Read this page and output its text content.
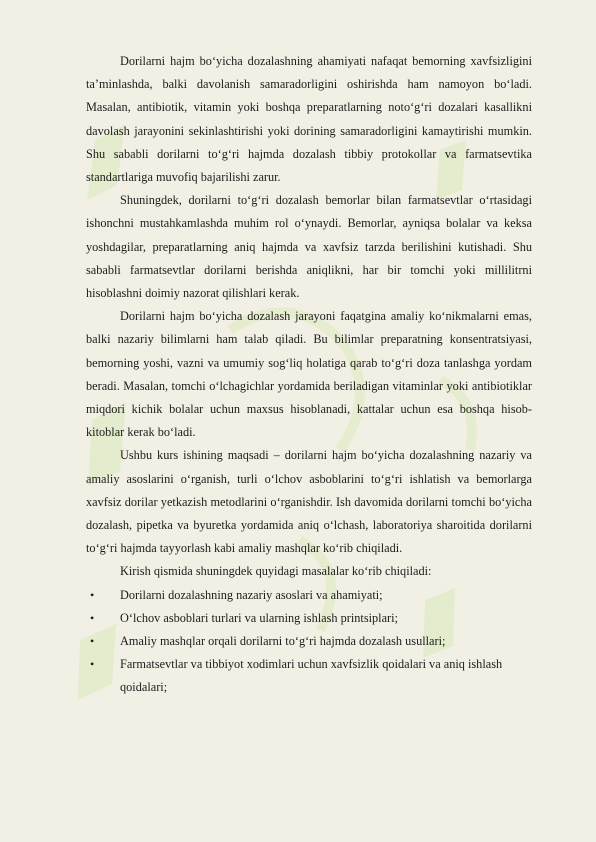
Dorilarni hajm bo‘yicha dozalashning ahamiyati nafaqat bemorning xavfsizligini ta’minlashda, balki davolanish samaradorligini oshirishda ham namoyon bo‘ladi. Masalan, antibiotik, vitamin yoki boshqa preparatlarning noto‘g‘ri dozalari kasallikni davolash jarayonini sekinlashtirishi yoki dorining samaradorligini kamaytirishi mumkin. Shu sababli dorilarni to‘g‘ri hajmda dozalash tibbiy protokollar va farmatsevtika standartlariga muvofiq bajarilishi zarur.

Shuningdek, dorilarni to‘g‘ri dozalash bemorlar bilan farmatsevtlar o‘rtasidagi ishonchni mustahkamlashda muhim rol o‘ynaydi. Bemorlar, ayniqsa bolalar va keksa yoshdagilar, preparatlarning aniq hajmda va xavfsiz tarzda berilishini kutishadi. Shu sababli farmatsevtlar dorilarni berishda aniqlikni, har bir tomchi yoki millilitrni hisoblashni doimiy nazorat qilishlari kerak.

Dorilarni hajm bo‘yicha dozalash jarayoni faqatgina amaliy ko‘nikmalarni emas, balki nazariy bilimlarni ham talab qiladi. Bu bilimlar preparatning konsentratsiyasi, bemorning yoshi, vazni va umumiy sog‘liq holatiga qarab to‘g‘ri doza tanlashga yordam beradi. Masalan, tomchi o‘lchagichlar yordamida beriladigan vitaminlar yoki antibiotiklar miqdori kichik bolalar uchun maxsus hisoblanadi, kattalar uchun esa boshqa hisob-kitoblar kerak bo‘ladi.

Ushbu kurs ishining maqsadi – dorilarni hajm bo‘yicha dozalashning nazariy va amaliy asoslarini o‘rganish, turli o‘lchov asboblarini to‘g‘ri ishlatish va bemorlarga xavfsiz dorilar yetkazish metodlarini o‘rganishdir. Ish davomida dorilarni tomchi bo‘yicha dozalash, pipetka va byuretka yordamida aniq o‘lchash, laboratoriya sharoitida dorilarni to‘g‘ri hajmda tayyorlash kabi amaliy mashqlar ko‘rib chiqiladi.

Kirish qismida shuningdek quyidagi masalalar ko‘rib chiqiladi:

• Dorilarni dozalashning nazariy asoslari va ahamiyati;
• O‘lchov asboblari turlari va ularning ishlash printsiplari;
• Amaliy mashqlar orqali dorilarni to‘g‘ri hajmda dozalash usullari;
• Farmatsevtlar va tibbiyot xodimlari uchun xavfsizlik qoidalari va aniq ishlash qoidalari;
